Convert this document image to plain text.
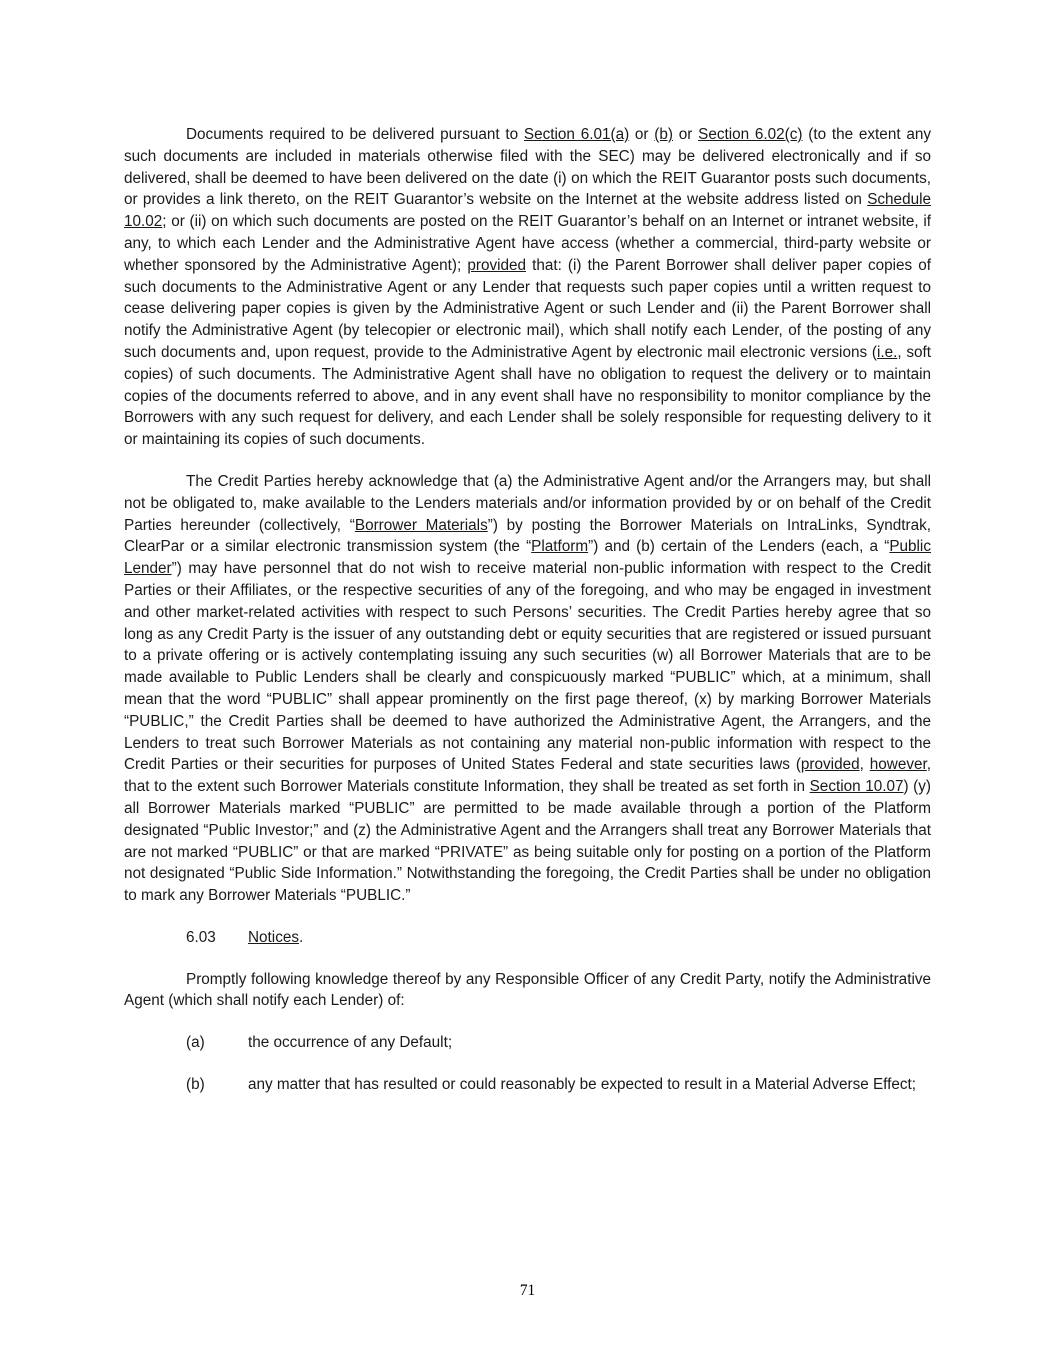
Documents required to be delivered pursuant to Section 6.01(a) or (b) or Section 6.02(c) (to the extent any such documents are included in materials otherwise filed with the SEC) may be delivered electronically and if so delivered, shall be deemed to have been delivered on the date (i) on which the REIT Guarantor posts such documents, or provides a link thereto, on the REIT Guarantor’s website on the Internet at the website address listed on Schedule 10.02; or (ii) on which such documents are posted on the REIT Guarantor’s behalf on an Internet or intranet website, if any, to which each Lender and the Administrative Agent have access (whether a commercial, third-party website or whether sponsored by the Administrative Agent); provided that: (i) the Parent Borrower shall deliver paper copies of such documents to the Administrative Agent or any Lender that requests such paper copies until a written request to cease delivering paper copies is given by the Administrative Agent or such Lender and (ii) the Parent Borrower shall notify the Administrative Agent (by telecopier or electronic mail), which shall notify each Lender, of the posting of any such documents and, upon request, provide to the Administrative Agent by electronic mail electronic versions (i.e., soft copies) of such documents. The Administrative Agent shall have no obligation to request the delivery or to maintain copies of the documents referred to above, and in any event shall have no responsibility to monitor compliance by the Borrowers with any such request for delivery, and each Lender shall be solely responsible for requesting delivery to it or maintaining its copies of such documents.

The Credit Parties hereby acknowledge that (a) the Administrative Agent and/or the Arrangers may, but shall not be obligated to, make available to the Lenders materials and/or information provided by or on behalf of the Credit Parties hereunder (collectively, “Borrower Materials”) by posting the Borrower Materials on IntraLinks, Syndtrak, ClearPar or a similar electronic transmission system (the “Platform”) and (b) certain of the Lenders (each, a “Public Lender”) may have personnel that do not wish to receive material non-public information with respect to the Credit Parties or their Affiliates, or the respective securities of any of the foregoing, and who may be engaged in investment and other market-related activities with respect to such Persons’ securities. The Credit Parties hereby agree that so long as any Credit Party is the issuer of any outstanding debt or equity securities that are registered or issued pursuant to a private offering or is actively contemplating issuing any such securities (w) all Borrower Materials that are to be made available to Public Lenders shall be clearly and conspicuously marked “PUBLIC” which, at a minimum, shall mean that the word “PUBLIC” shall appear prominently on the first page thereof, (x) by marking Borrower Materials “PUBLIC,” the Credit Parties shall be deemed to have authorized the Administrative Agent, the Arrangers, and the Lenders to treat such Borrower Materials as not containing any material non-public information with respect to the Credit Parties or their securities for purposes of United States Federal and state securities laws (provided, however, that to the extent such Borrower Materials constitute Information, they shall be treated as set forth in Section 10.07) (y) all Borrower Materials marked “PUBLIC” are permitted to be made available through a portion of the Platform designated “Public Investor;” and (z) the Administrative Agent and the Arrangers shall treat any Borrower Materials that are not marked “PUBLIC” or that are marked “PRIVATE” as being suitable only for posting on a portion of the Platform not designated “Public Side Information.” Notwithstanding the foregoing, the Credit Parties shall be under no obligation to mark any Borrower Materials “PUBLIC.”

6.03 Notices.

Promptly following knowledge thereof by any Responsible Officer of any Credit Party, notify the Administrative Agent (which shall notify each Lender) of:

(a)	the occurrence of any Default;

(b)	any matter that has resulted or could reasonably be expected to result in a Material Adverse Effect;

71
